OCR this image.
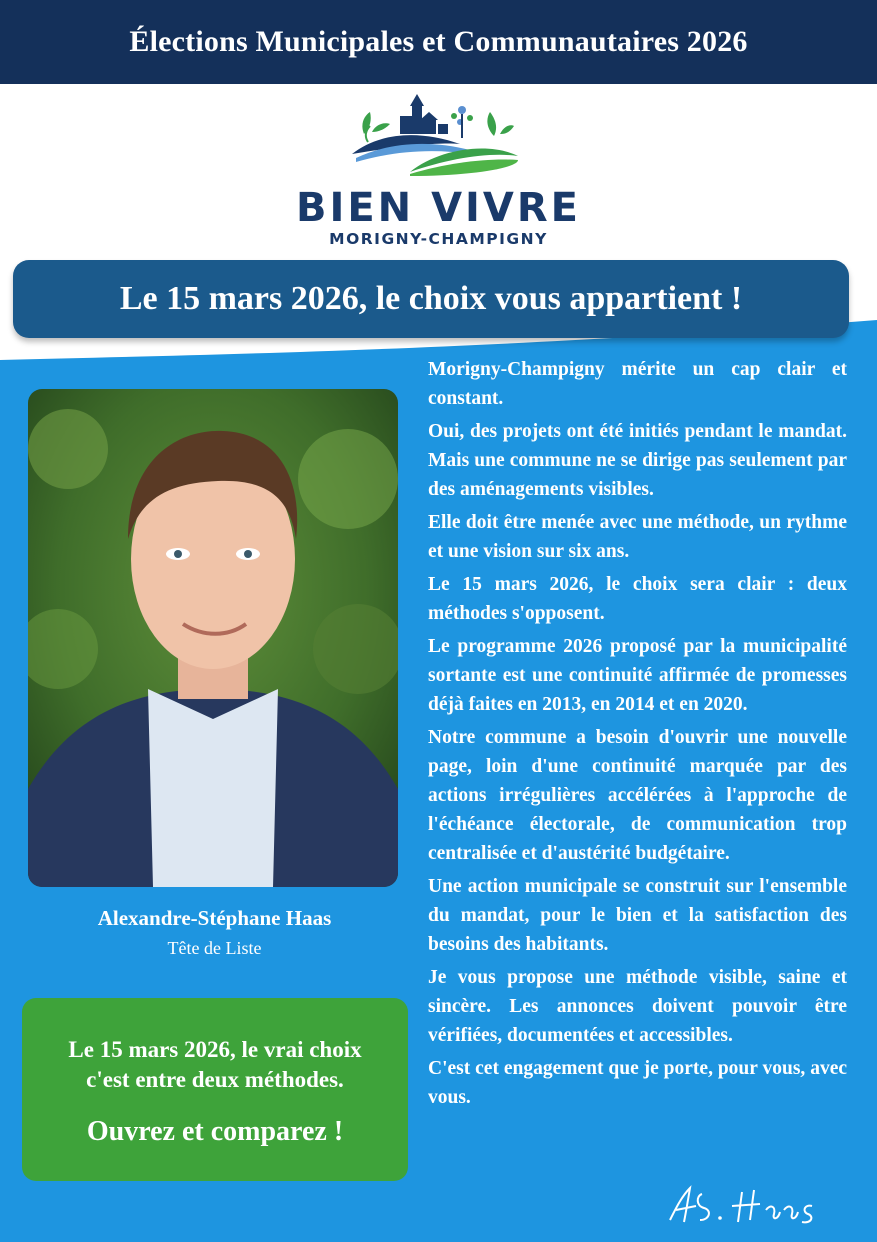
Élections Municipales et Communautaires 2026
BIEN VIVRE
MORIGNY-CHAMPIGNY
Le 15 mars 2026, le choix vous appartient !
Alexandre-Stéphane Haas
Tête de Liste
Le 15 mars 2026, le vrai choix
c'est entre deux méthodes.
Ouvrez et comparez !

Morigny-Champigny mérite un cap clair et constant.

Oui, des projets ont été initiés pendant le mandat. Mais une commune ne se dirige pas seulement par des aménagements visibles.

Elle doit être menée avec une méthode, un rythme et une vision sur six ans.

Le 15 mars 2026, le choix sera clair : deux méthodes s'opposent.

Le programme 2026 proposé par la municipalité sortante est une continuité affirmée de promesses déjà faites en 2013, en 2014 et en 2020.

Notre commune a besoin d'ouvrir une nouvelle page, loin d'une continuité marquée par des actions irrégulières accélérées à l'approche de l'échéance électorale, de communication trop centralisée et d'austérité budgétaire.

Une action municipale se construit sur l'ensemble du mandat, pour le bien et la satisfaction des besoins des habitants.

Je vous propose une méthode visible, saine et sincère. Les annonces doivent pouvoir être vérifiées, documentées et accessibles.

C'est cet engagement que je porte, pour vous, avec vous.
